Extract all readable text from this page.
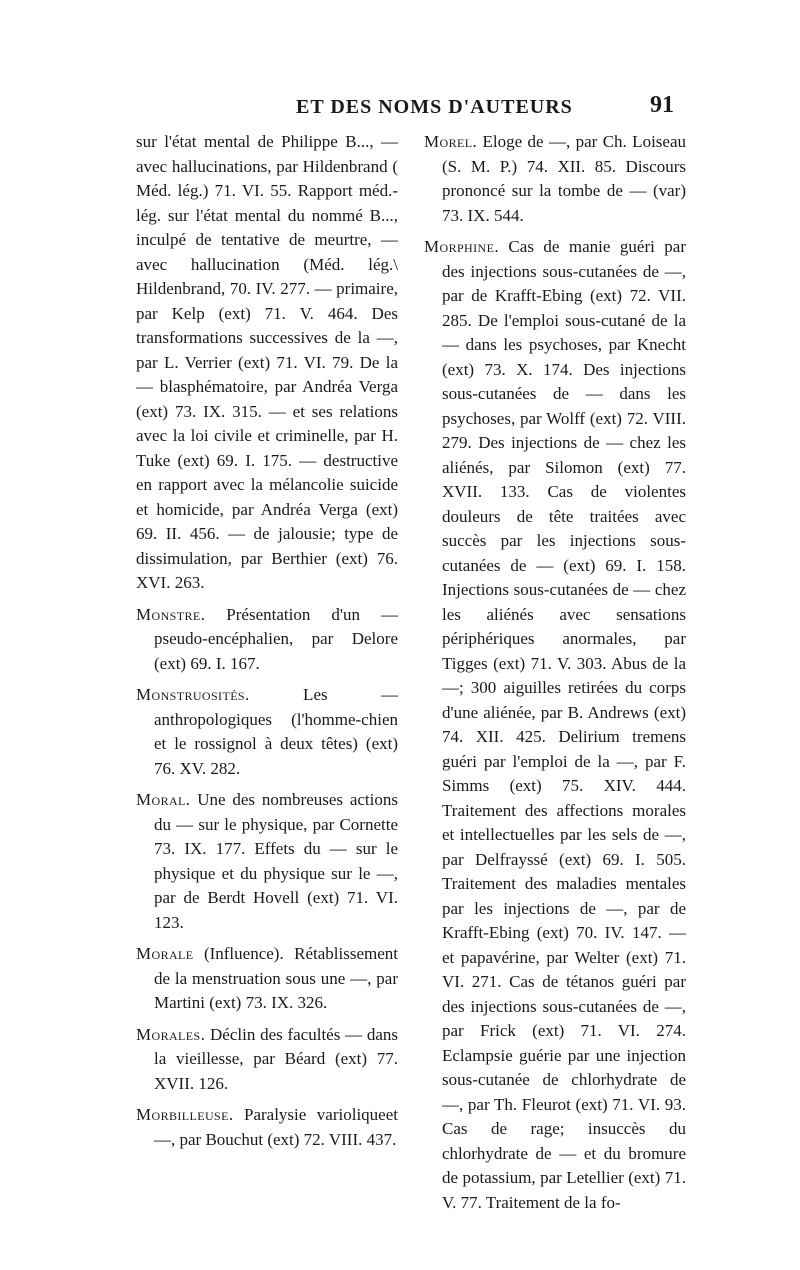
ET DES NOMS D'AUTEURS	91
sur l'état mental de Philippe B..., — avec hallucinations, par Hildenbrand ( Méd. lég.) 71. VI. 55. Rapport méd.-lég. sur l'état mental du nommé B..., inculpé de tentative de meurtre, — avec hallucination (Méd. lég.\ Hildenbrand, 70. IV. 277. — primaire, par Kelp (ext) 71. V. 464. Des transformations successives de la —, par L. Verrier (ext) 71. VI. 79. De la — blasphématoire, par Andréa Verga (ext) 73. IX. 315. — et ses relations avec la loi civile et criminelle, par H. Tuke (ext) 69. I. 175. — destructive en rapport avec la mélancolie suicide et homicide, par Andréa Verga (ext) 69. II. 456. — de jalousie; type de dissimulation, par Berthier (ext) 76. XVI. 263.
Monstre. Présentation d'un — pseudo-encéphalien, par Delore (ext) 69. I. 167.
Monstruosités. Les — anthropologiques (l'homme-chien et le rossignol à deux têtes) (ext) 76. XV. 282.
Moral. Une des nombreuses actions du — sur le physique, par Cornette 73. IX. 177. Effets du — sur le physique et du physique sur le —, par de Berdt Hovell (ext) 71. VI. 123.
Morale (Influence). Rétablissement de la menstruation sous une —, par Martini (ext) 73. IX. 326.
Morales. Déclin des facultés — dans la vieillesse, par Béard (ext) 77. XVII. 126.
Morbilleuse. Paralysie varioliqueet —, par Bouchut (ext) 72. VIII. 437.
Morel. Eloge de —, par Ch. Loiseau (S. M. P.) 74. XII. 85. Discours prononcé sur la tombe de — (var) 73. IX. 544.
Morphine. Cas de manie guéri par des injections sous-cutanées de —, par de Krafft-Ebing (ext) 72. VII. 285. De l'emploi sous-cutané de la — dans les psychoses, par Knecht (ext) 73. X. 174. Des injections sous-cutanées de — dans les psychoses, par Wolff (ext) 72. VIII. 279. Des injections de — chez les aliénés, par Silomon (ext) 77. XVII. 133. Cas de violentes douleurs de tête traitées avec succès par les injections sous-cutanées de — (ext) 69. I. 158. Injections sous-cutanées de — chez les aliénés avec sensations périphériques anormales, par Tigges (ext) 71. V. 303. Abus de la —; 300 aiguilles retirées du corps d'une aliénée, par B. Andrews (ext) 74. XII. 425. Delirium tremens guéri par l'emploi de la —, par F. Simms (ext) 75. XIV. 444. Traitement des affections morales et intellectuelles par les sels de —, par Delfrayssé (ext) 69. I. 505. Traitement des maladies mentales par les injections de —, par de Krafft-Ebing (ext) 70. IV. 147. — et papavérine, par Welter (ext) 71. VI. 271. Cas de tétanos guéri par des injections sous-cutanées de —, par Frick (ext) 71. VI. 274. Eclampsie guérie par une injection sous-cutanée de chlorhydrate de —, par Th. Fleurot (ext) 71. VI. 93. Cas de rage; insuccès du chlorhydrate de — et du bromure de potassium, par Letellier (ext) 71. V. 77. Traitement de la fo-
